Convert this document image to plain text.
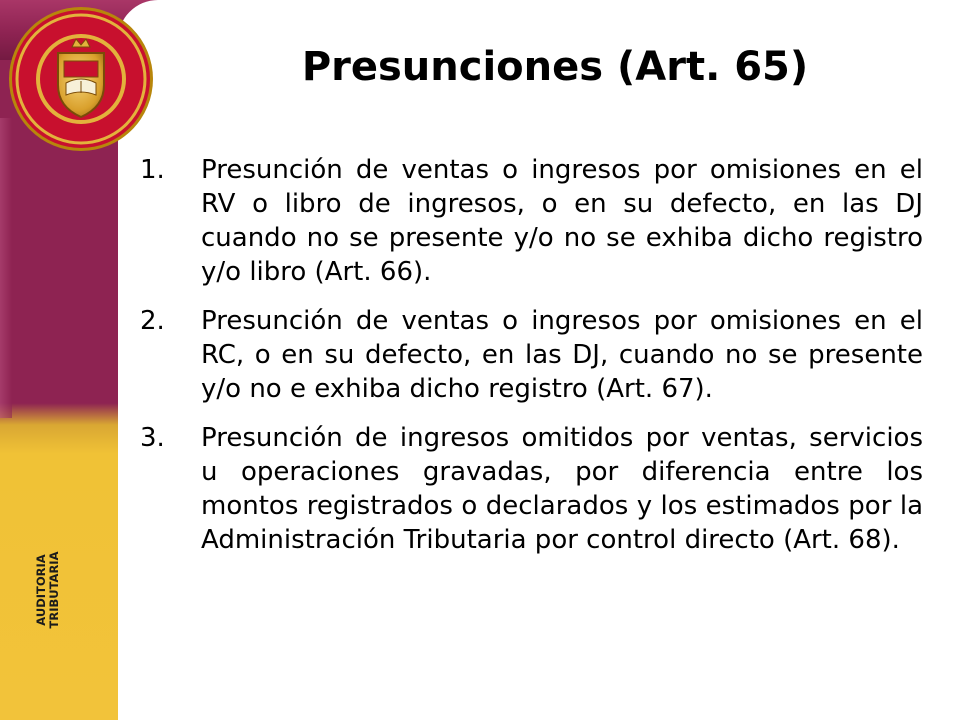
Presunciones (Art. 65)
1. Presunción de ventas o ingresos por omisiones en el RV o libro de ingresos, o en su defecto, en las DJ cuando no se presente y/o no se exhiba dicho registro y/o libro (Art. 66).
2. Presunción de ventas o ingresos por omisiones en el RC, o en su defecto, en las DJ, cuando no se presente y/o no e exhiba dicho registro (Art. 67).
3. Presunción de ingresos omitidos por ventas, servicios u operaciones gravadas, por diferencia entre los montos registrados o declarados y los estimados por la Administración Tributaria por control directo (Art. 68).
AUDITORIA TRIBUTARIA
